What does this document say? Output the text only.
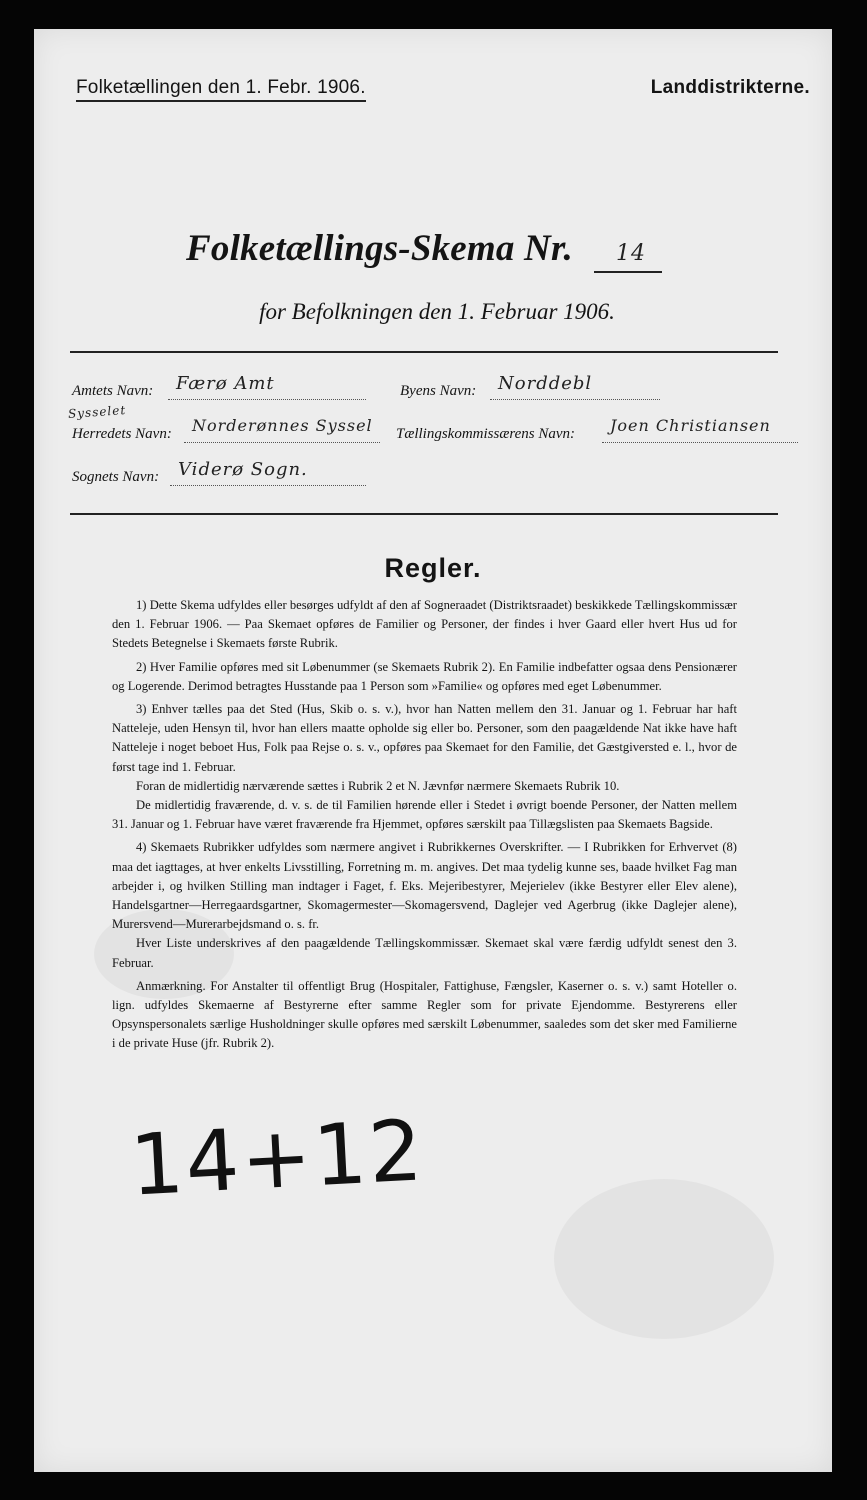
Folketællingen den 1. Febr. 1906.	Landdistrikterne.
Folketællings-Skema Nr. 14
for Befolkningen den 1. Februar 1906.
Amtets Navn: Færø Amt	Byens Navn: Norddebl
Sysselet
Herredets Navn: Norderønnes Syssel Tællingskommissærens Navn: Joen Christiansen
Sognets Navn: Viderø Sogn.
Regler.

1) Dette Skema udfyldes eller besørges udfyldt af den af Sogneraadet (Distriktsraadet) beskikkede Tællingskommissær den 1. Februar 1906. — Paa Skemaet opføres de Familier og Personer, der findes i hver Gaard eller hvert Hus ud for Stedets Betegnelse i Skemaets første Rubrik.

2) Hver Familie opføres med sit Løbenummer (se Skemaets Rubrik 2). En Familie indbefatter ogsaa dens Pensionærer og Logerende. Derimod betragtes Husstande paa 1 Person som »Familie« og opføres med eget Løbenummer.

3) Enhver tælles paa det Sted (Hus, Skib o. s. v.), hvor han Natten mellem den 31. Januar og 1. Februar har haft Natteleje, uden Hensyn til, hvor han ellers maatte opholde sig eller bo. Personer, som den paagældende Nat ikke have haft Natteleje i noget beboet Hus, Folk paa Rejse o. s. v., opføres paa Skemaet for den Familie, det Gæstgiversted e. l., hvor de først tage ind 1. Februar.

Foran de midlertidig nærværende sættes i Rubrik 2 et N. Jævnfør nærmere Skemaets Rubrik 10.

De midlertidig fraværende, d. v. s. de til Familien hørende eller i Stedet i øvrigt boende Personer, der Natten mellem 31. Januar og 1. Februar have været fraværende fra Hjemmet, opføres særskilt paa Tillægslisten paa Skemaets Bagside.

4) Skemaets Rubrikker udfyldes som nærmere angivet i Rubrikkernes Overskrifter. — I Rubrikken for Erhvervet (8) maa det iagttages, at hver enkelts Livsstilling, Forretning m. m. angives. Det maa tydelig kunne ses, baade hvilket Fag man arbejder i, og hvilken Stilling man indtager i Faget, f. Eks. Mejeribestyrer, Mejerielev (ikke Bestyrer eller Elev alene), Handelsgartner—Herregaardsgartner, Skomagermester—Skomagersvend, Daglejer ved Agerbrug (ikke Daglejer alene), Murersvend—Murerarbejdsmand o. s. fr.

Hver Liste underskrives af den paagældende Tællingskommissær. Skemaet skal være færdig udfyldt senest den 3. Februar.

Anmærkning. For Anstalter til offentligt Brug (Hospitaler, Fattighuse, Fængsler, Kaserner o. s. v.) samt Hoteller o. lign. udfyldes Skemaerne af Bestyrerne efter samme Regler som for private Ejendomme. Bestyrerens eller Opsynspersonalets særlige Husholdninger skulle opføres med særskilt Løbenummer, saaledes som det sker med Familierne i de private Huse (jfr. Rubrik 2).

14+12
